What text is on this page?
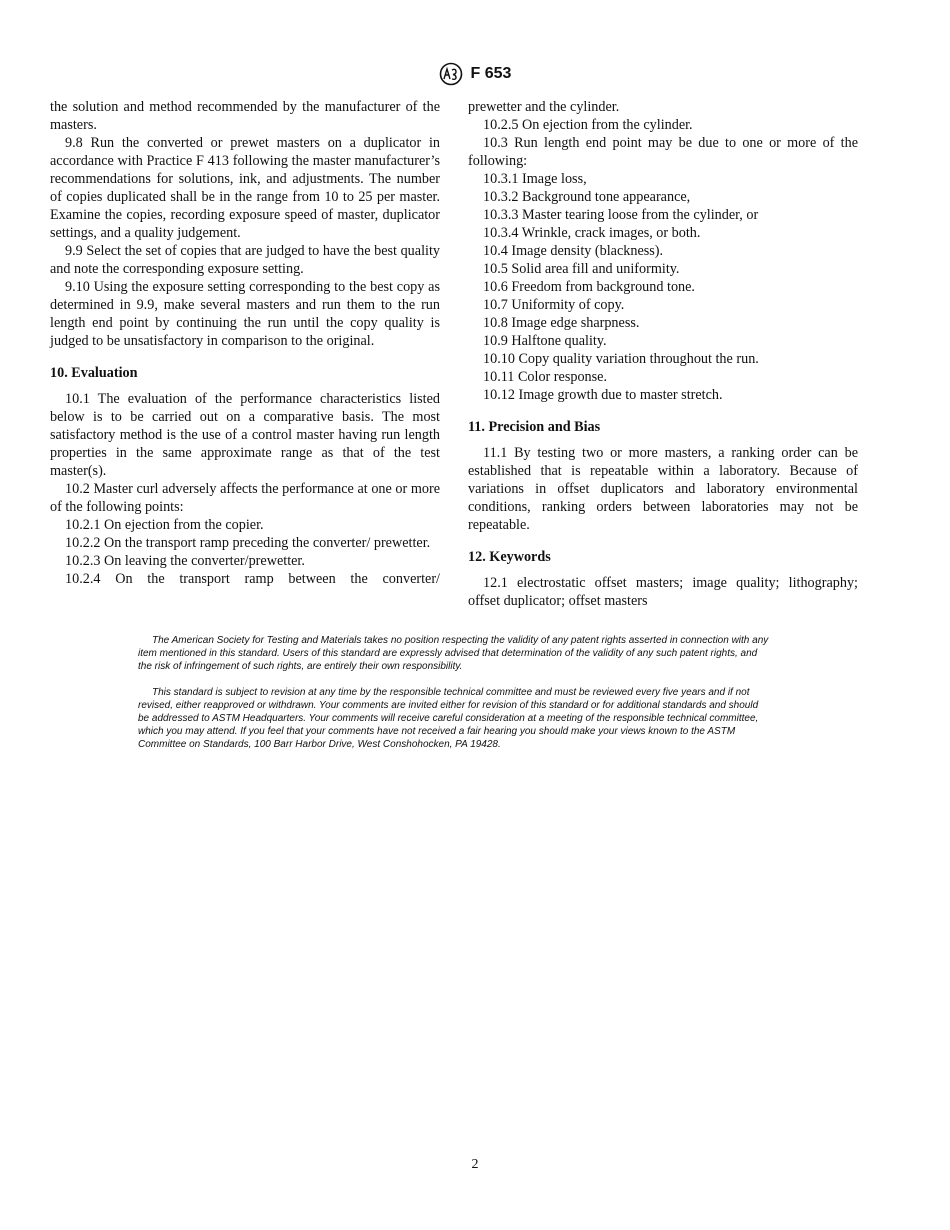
F 653

the solution and method recommended by the manufacturer of the masters.

9.8 Run the converted or prewet masters on a duplicator in accordance with Practice F 413 following the master manufacturer’s recommendations for solutions, ink, and adjustments. The number of copies duplicated shall be in the range from 10 to 25 per master. Examine the copies, recording exposure speed of master, duplicator settings, and a quality judgement.

9.9 Select the set of copies that are judged to have the best quality and note the corresponding exposure setting.

9.10 Using the exposure setting corresponding to the best copy as determined in 9.9, make several masters and run them to the run length end point by continuing the run until the copy quality is judged to be unsatisfactory in comparison to the original.

10. Evaluation

10.1 The evaluation of the performance characteristics listed below is to be carried out on a comparative basis. The most satisfactory method is the use of a control master having run length properties in the same approximate range as that of the test master(s).

10.2 Master curl adversely affects the performance at one or more of the following points:

10.2.1 On ejection from the copier.

10.2.2 On the transport ramp preceding the converter/ prewetter.

10.2.3 On leaving the converter/prewetter.

10.2.4 On the transport ramp between the converter/

prewetter and the cylinder.

10.2.5 On ejection from the cylinder.

10.3 Run length end point may be due to one or more of the following:

10.3.1 Image loss,

10.3.2 Background tone appearance,

10.3.3 Master tearing loose from the cylinder, or

10.3.4 Wrinkle, crack images, or both.

10.4 Image density (blackness).

10.5 Solid area fill and uniformity.

10.6 Freedom from background tone.

10.7 Uniformity of copy.

10.8 Image edge sharpness.

10.9 Halftone quality.

10.10 Copy quality variation throughout the run.

10.11 Color response.

10.12 Image growth due to master stretch.

11. Precision and Bias

11.1 By testing two or more masters, a ranking order can be established that is repeatable within a laboratory. Because of variations in offset duplicators and laboratory environmental conditions, ranking orders between laboratories may not be repeatable.

12. Keywords

12.1 electrostatic offset masters; image quality; lithography; offset duplicator; offset masters

The American Society for Testing and Materials takes no position respecting the validity of any patent rights asserted in connection with any item mentioned in this standard. Users of this standard are expressly advised that determination of the validity of any such patent rights, and the risk of infringement of such rights, are entirely their own responsibility.

This standard is subject to revision at any time by the responsible technical committee and must be reviewed every five years and if not revised, either reapproved or withdrawn. Your comments are invited either for revision of this standard or for additional standards and should be addressed to ASTM Headquarters. Your comments will receive careful consideration at a meeting of the responsible technical committee, which you may attend. If you feel that your comments have not received a fair hearing you should make your views known to the ASTM Committee on Standards, 100 Barr Harbor Drive, West Conshohocken, PA 19428.

2
